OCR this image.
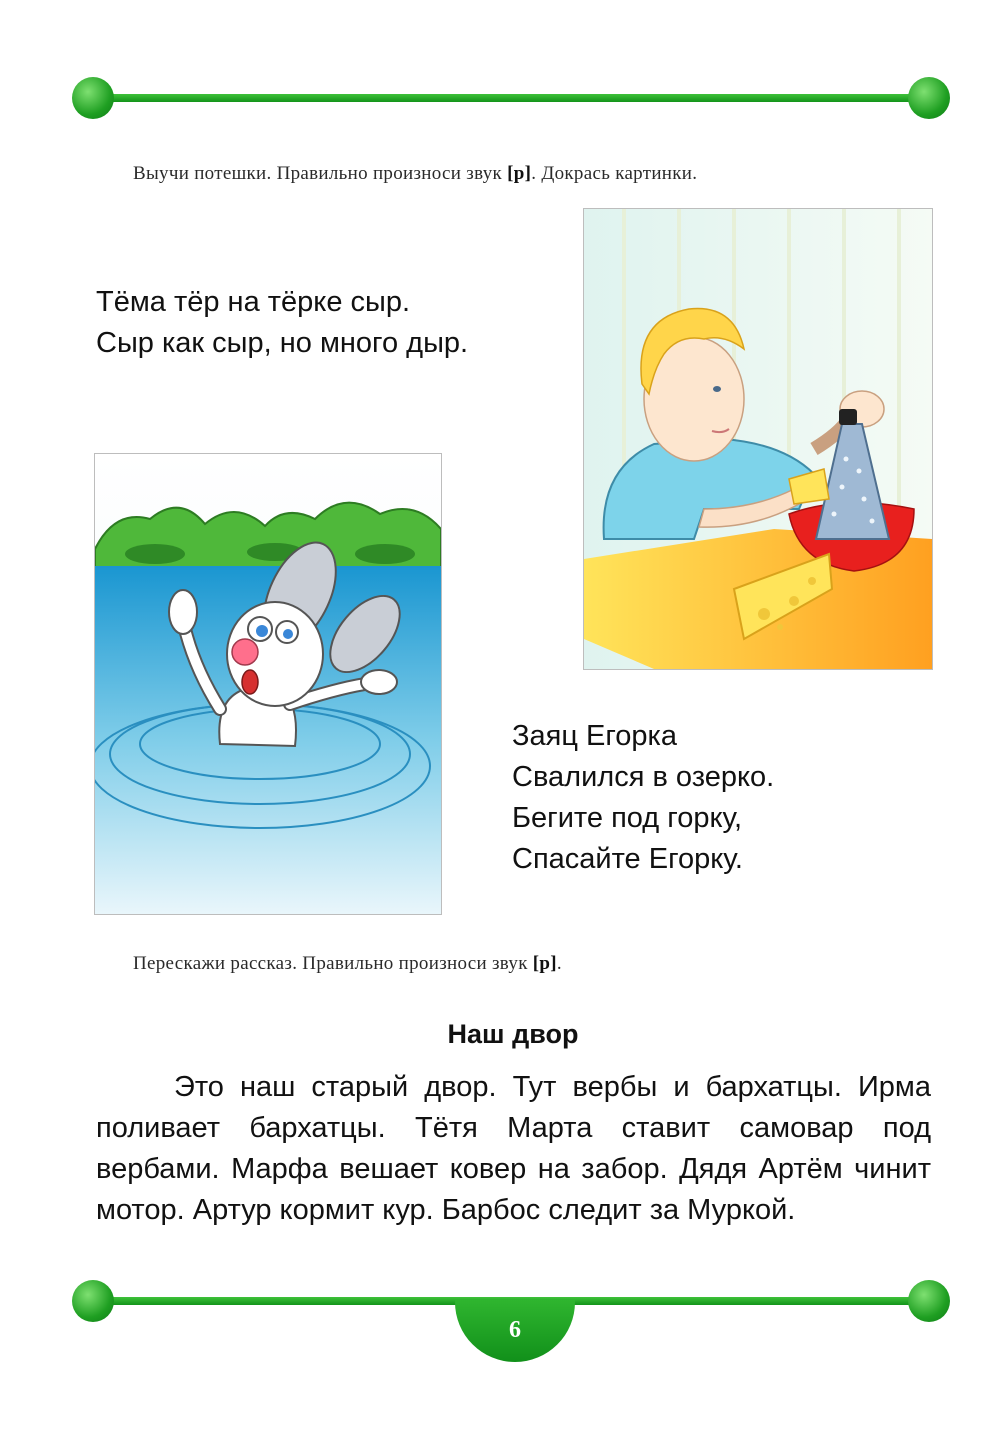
Выучи потешки. Правильно произноси звук [р]. Докрась картинки.
Тёма тёр на тёрке сыр.
Сыр как сыр, но много дыр.
Заяц Егорка
Свалился в озерко.
Бегите под горку,
Спасайте Егорку.
Перескажи рассказ. Правильно произноси звук [р].
Наш двор

Это наш старый двор. Тут вербы и бархатцы. Ирма поливает бархатцы. Тётя Марта ставит самовар под вербами. Марфа вешает ковер на забор. Дядя Артём чинит мотор. Артур кормит кур. Барбос следит за Муркой.

6
